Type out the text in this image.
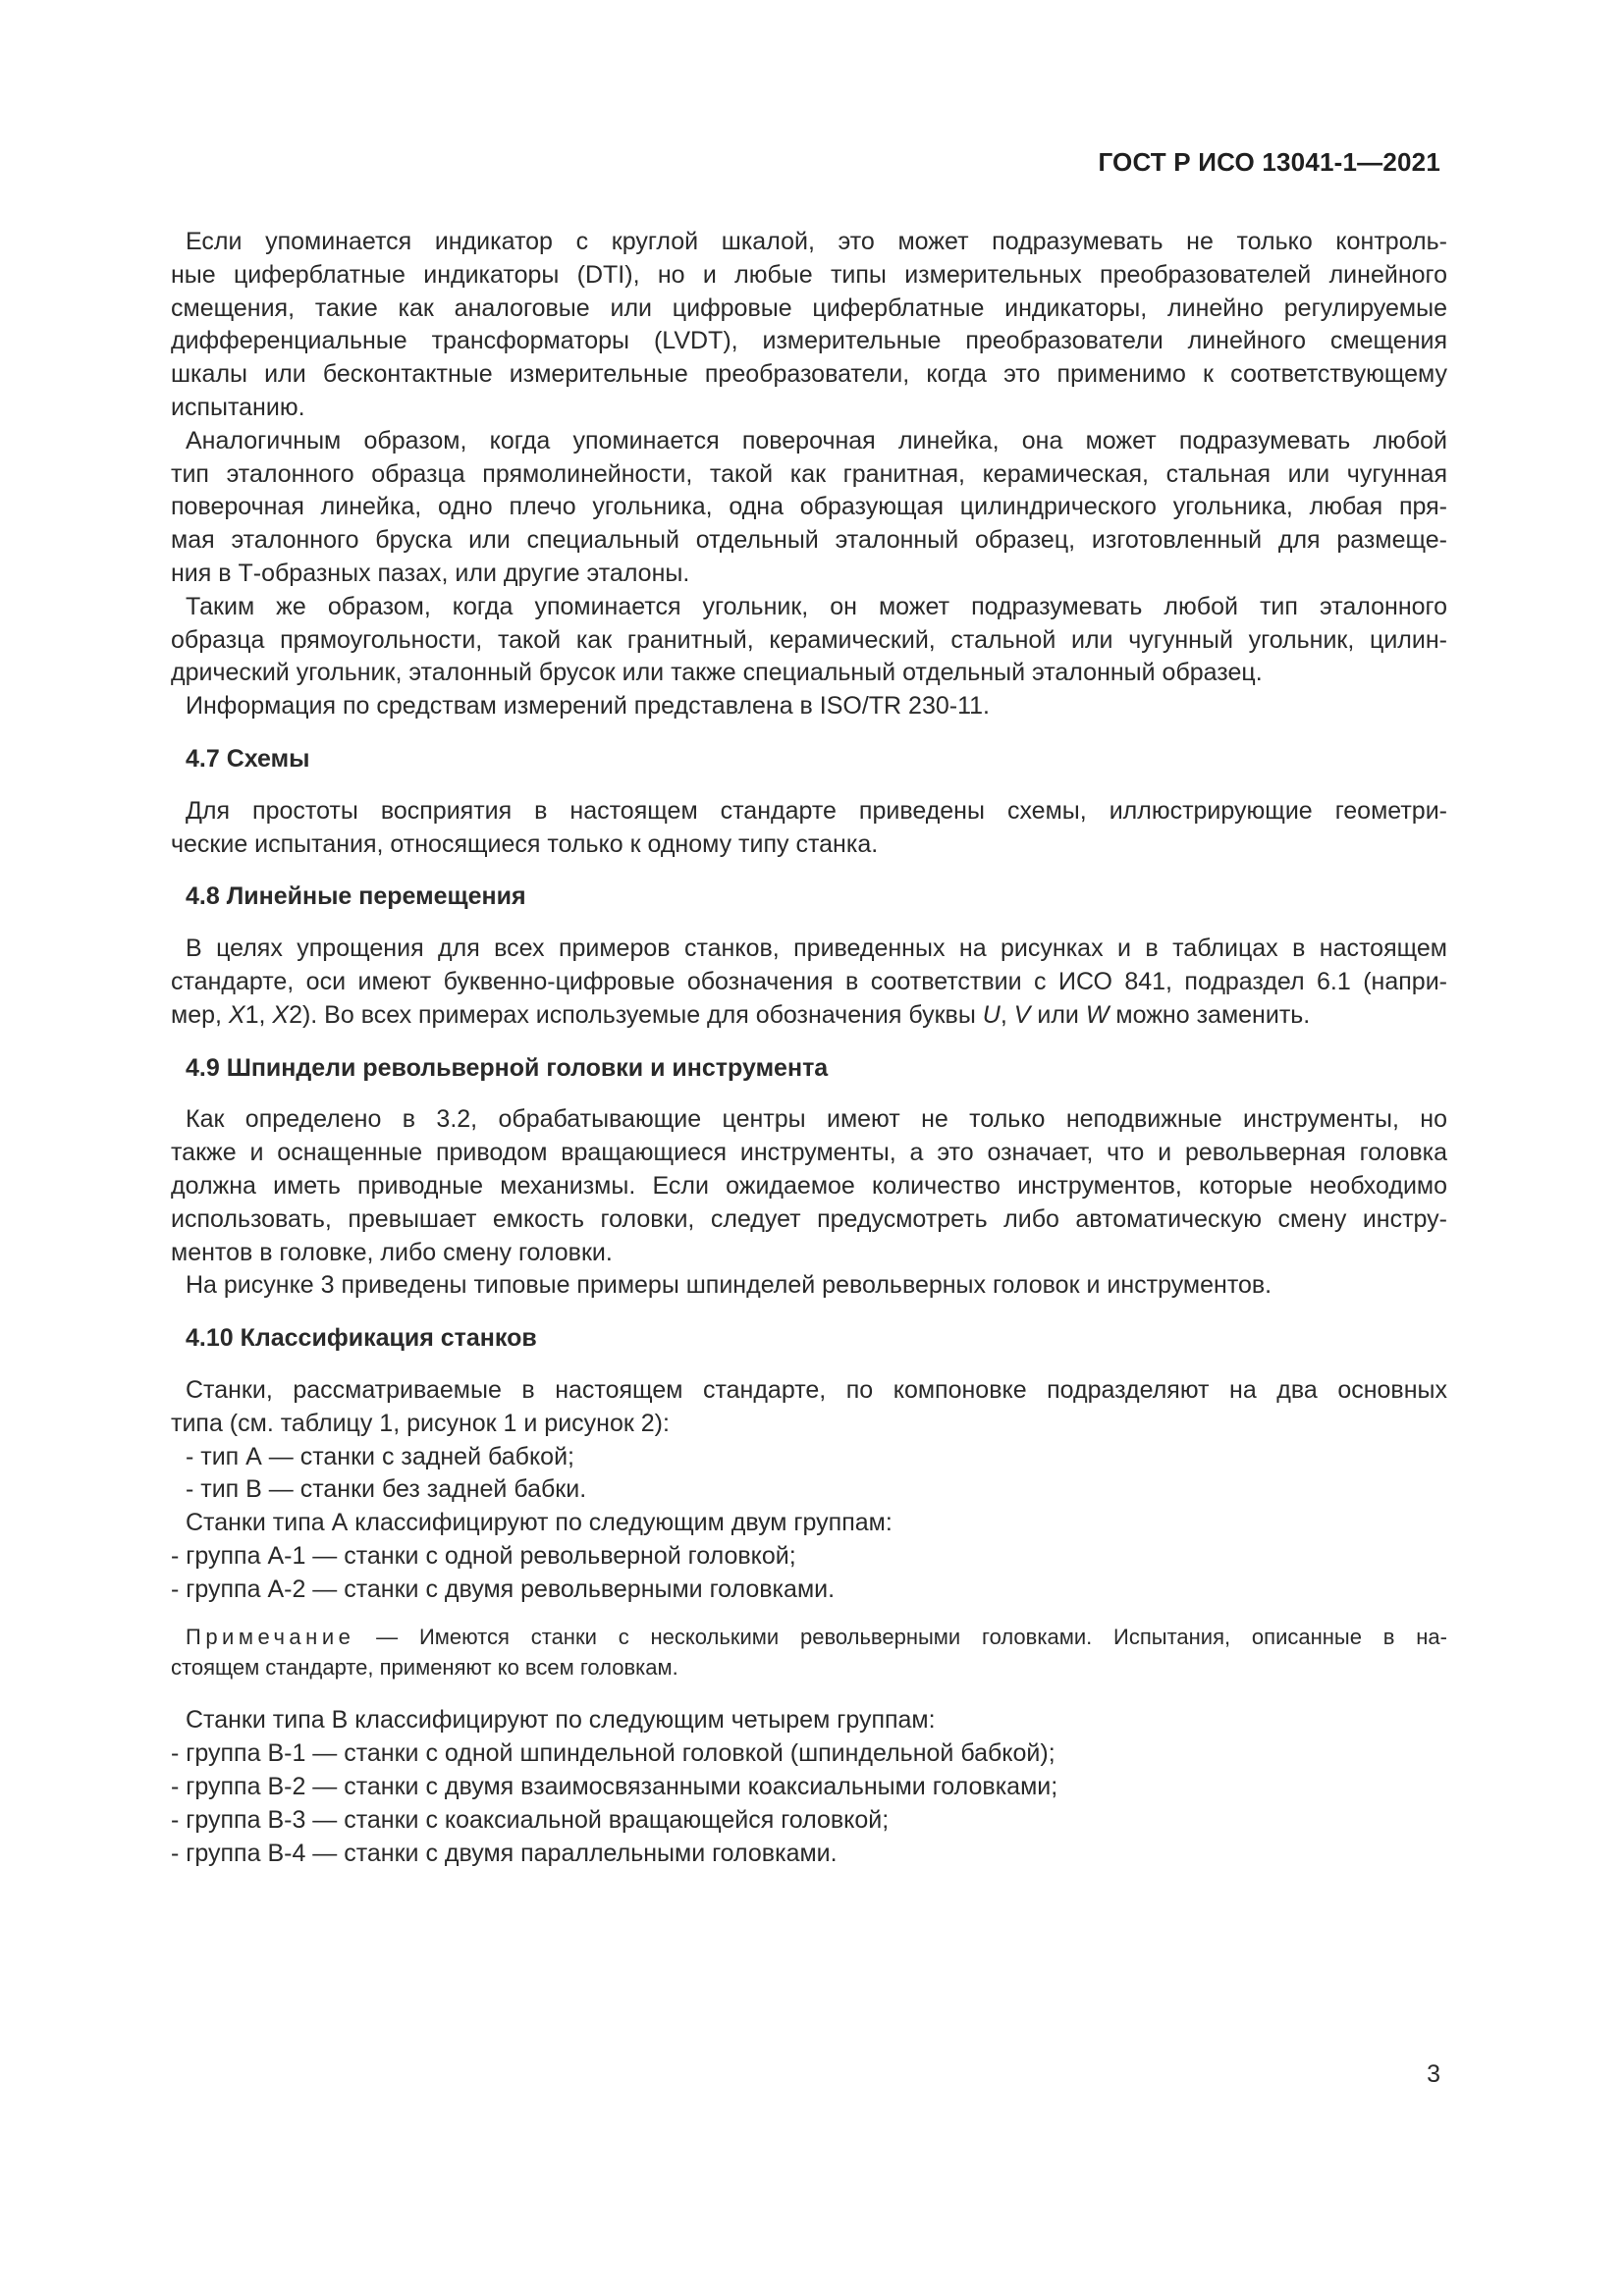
ГОСТ Р ИСО 13041-1—2021
Если упоминается индикатор с круглой шкалой, это может подразумевать не только контроль-
ные циферблатные индикаторы (DTI), но и любые типы измерительных преобразователей линейного
смещения, такие как аналоговые или цифровые циферблатные индикаторы, линейно регулируемые
дифференциальные трансформаторы (LVDT), измерительные преобразователи линейного смещения
шкалы или бесконтактные измерительные преобразователи, когда это применимо к соответствующему
испытанию.
Аналогичным образом, когда упоминается поверочная линейка, она может подразумевать любой
тип эталонного образца прямолинейности, такой как гранитная, керамическая, стальная или чугунная
поверочная линейка, одно плечо угольника, одна образующая цилиндрического угольника, любая пря-
мая эталонного бруска или специальный отдельный эталонный образец, изготовленный для размеще-
ния в Т-образных пазах, или другие эталоны.
Таким же образом, когда упоминается угольник, он может подразумевать любой тип эталонного
образца прямоугольности, такой как гранитный, керамический, стальной или чугунный угольник, цилин-
дрический угольник, эталонный брусок или также специальный отдельный эталонный образец.
Информация по средствам измерений представлена в ISO/TR 230-11.
4.7 Схемы
Для простоты восприятия в настоящем стандарте приведены схемы, иллюстрирующие геометри-
ческие испытания, относящиеся только к одному типу станка.
4.8 Линейные перемещения
В целях упрощения для всех примеров станков, приведенных на рисунках и в таблицах в настоящем
стандарте, оси имеют буквенно-цифровые обозначения в соответствии с ИСО 841, подраздел 6.1 (напри-
мер, X1, X2). Во всех примерах используемые для обозначения буквы U, V или W можно заменить.
4.9 Шпиндели револьверной головки и инструмента
Как определено в 3.2, обрабатывающие центры имеют не только неподвижные инструменты, но
также и оснащенные приводом вращающиеся инструменты, а это означает, что и револьверная головка
должна иметь приводные механизмы. Если ожидаемое количество инструментов, которые необходимо
использовать, превышает емкость головки, следует предусмотреть либо автоматическую смену инстру-
ментов в головке, либо смену головки.
На рисунке 3 приведены типовые примеры шпинделей револьверных головок и инструментов.
4.10 Классификация станков
Станки, рассматриваемые в настоящем стандарте, по компоновке подразделяют на два основных
типа (см. таблицу 1, рисунок 1 и рисунок 2):
- тип А — станки с задней бабкой;
- тип В — станки без задней бабки.
Станки типа А классифицируют по следующим двум группам:
- группа А-1 — станки с одной револьверной головкой;
- группа А-2 — станки с двумя револьверными головками.
Примечание — Имеются станки с несколькими револьверными головками. Испытания, описанные в на-
стоящем стандарте, применяют ко всем головкам.
Станки типа В классифицируют по следующим четырем группам:
- группа В-1 — станки с одной шпиндельной головкой (шпиндельной бабкой);
- группа В-2 — станки с двумя взаимосвязанными коаксиальными головками;
- группа В-3 — станки с коаксиальной вращающейся головкой;
- группа В-4 — станки с двумя параллельными головками.
3
